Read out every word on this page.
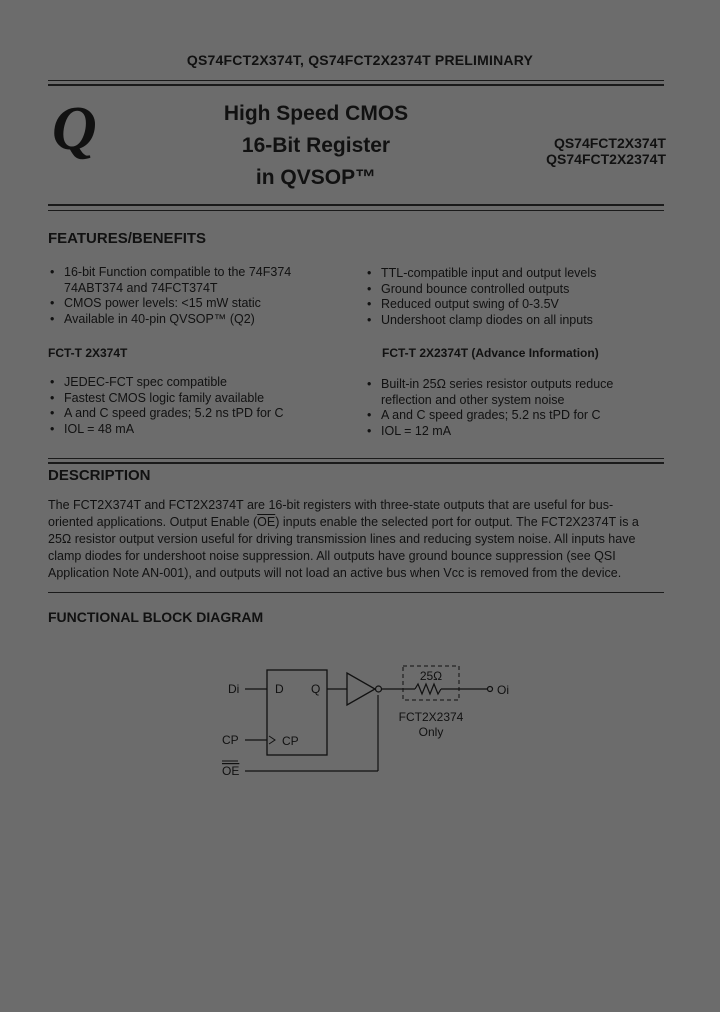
QS74FCT2X374T, QS74FCT2X2374T PRELIMINARY
Q	High Speed CMOS
16-Bit Register
in QVSOP™
QS74FCT2X374T
QS74FCT2X2374T
FEATURES/BENEFITS
• 16-bit Function compatible to the 74F374
74ABT374 and 74FCT374T
• CMOS power levels: <15 mW static
• Available in 40-pin QVSOP™ (Q2)
• TTL-compatible input and output levels
• Ground bounce controlled outputs
• Reduced output swing of 0-3.5V
• Undershoot clamp diodes on all inputs
FCT-T 2X374T	FCT-T 2X2374T (Advance Information)
• JEDEC-FCT spec compatible
• Fastest CMOS logic family available
• A and C speed grades; 5.2 ns tPD for C
• IOL = 48 mA
• Built-in 25Ω series resistor outputs reduce
reflection and other system noise
• A and C speed grades; 5.2 ns tPD for C
• IOL = 12 mA
DESCRIPTION
The FCT2X374T and FCT2X2374T are 16-bit registers with three-state outputs that are useful for bus-
oriented applications. Output Enable $(\overline{OE})$ inputs enable the selected port for output. The FCT2X2374T is a
25Ω resistor output version useful for driving transmission lines and reducing system noise. All inputs have
clamp diodes for undershoot noise suppression. All outputs have ground bounce suppression (see QSI
Application Note AN-001), and outputs will not load an active bus when Vcc is removed from the device.
FUNCTIONAL BLOCK DIAGRAM
Di	D Q
CP	CP
25Ω
Oi
FCT2X2374
Only
OE
